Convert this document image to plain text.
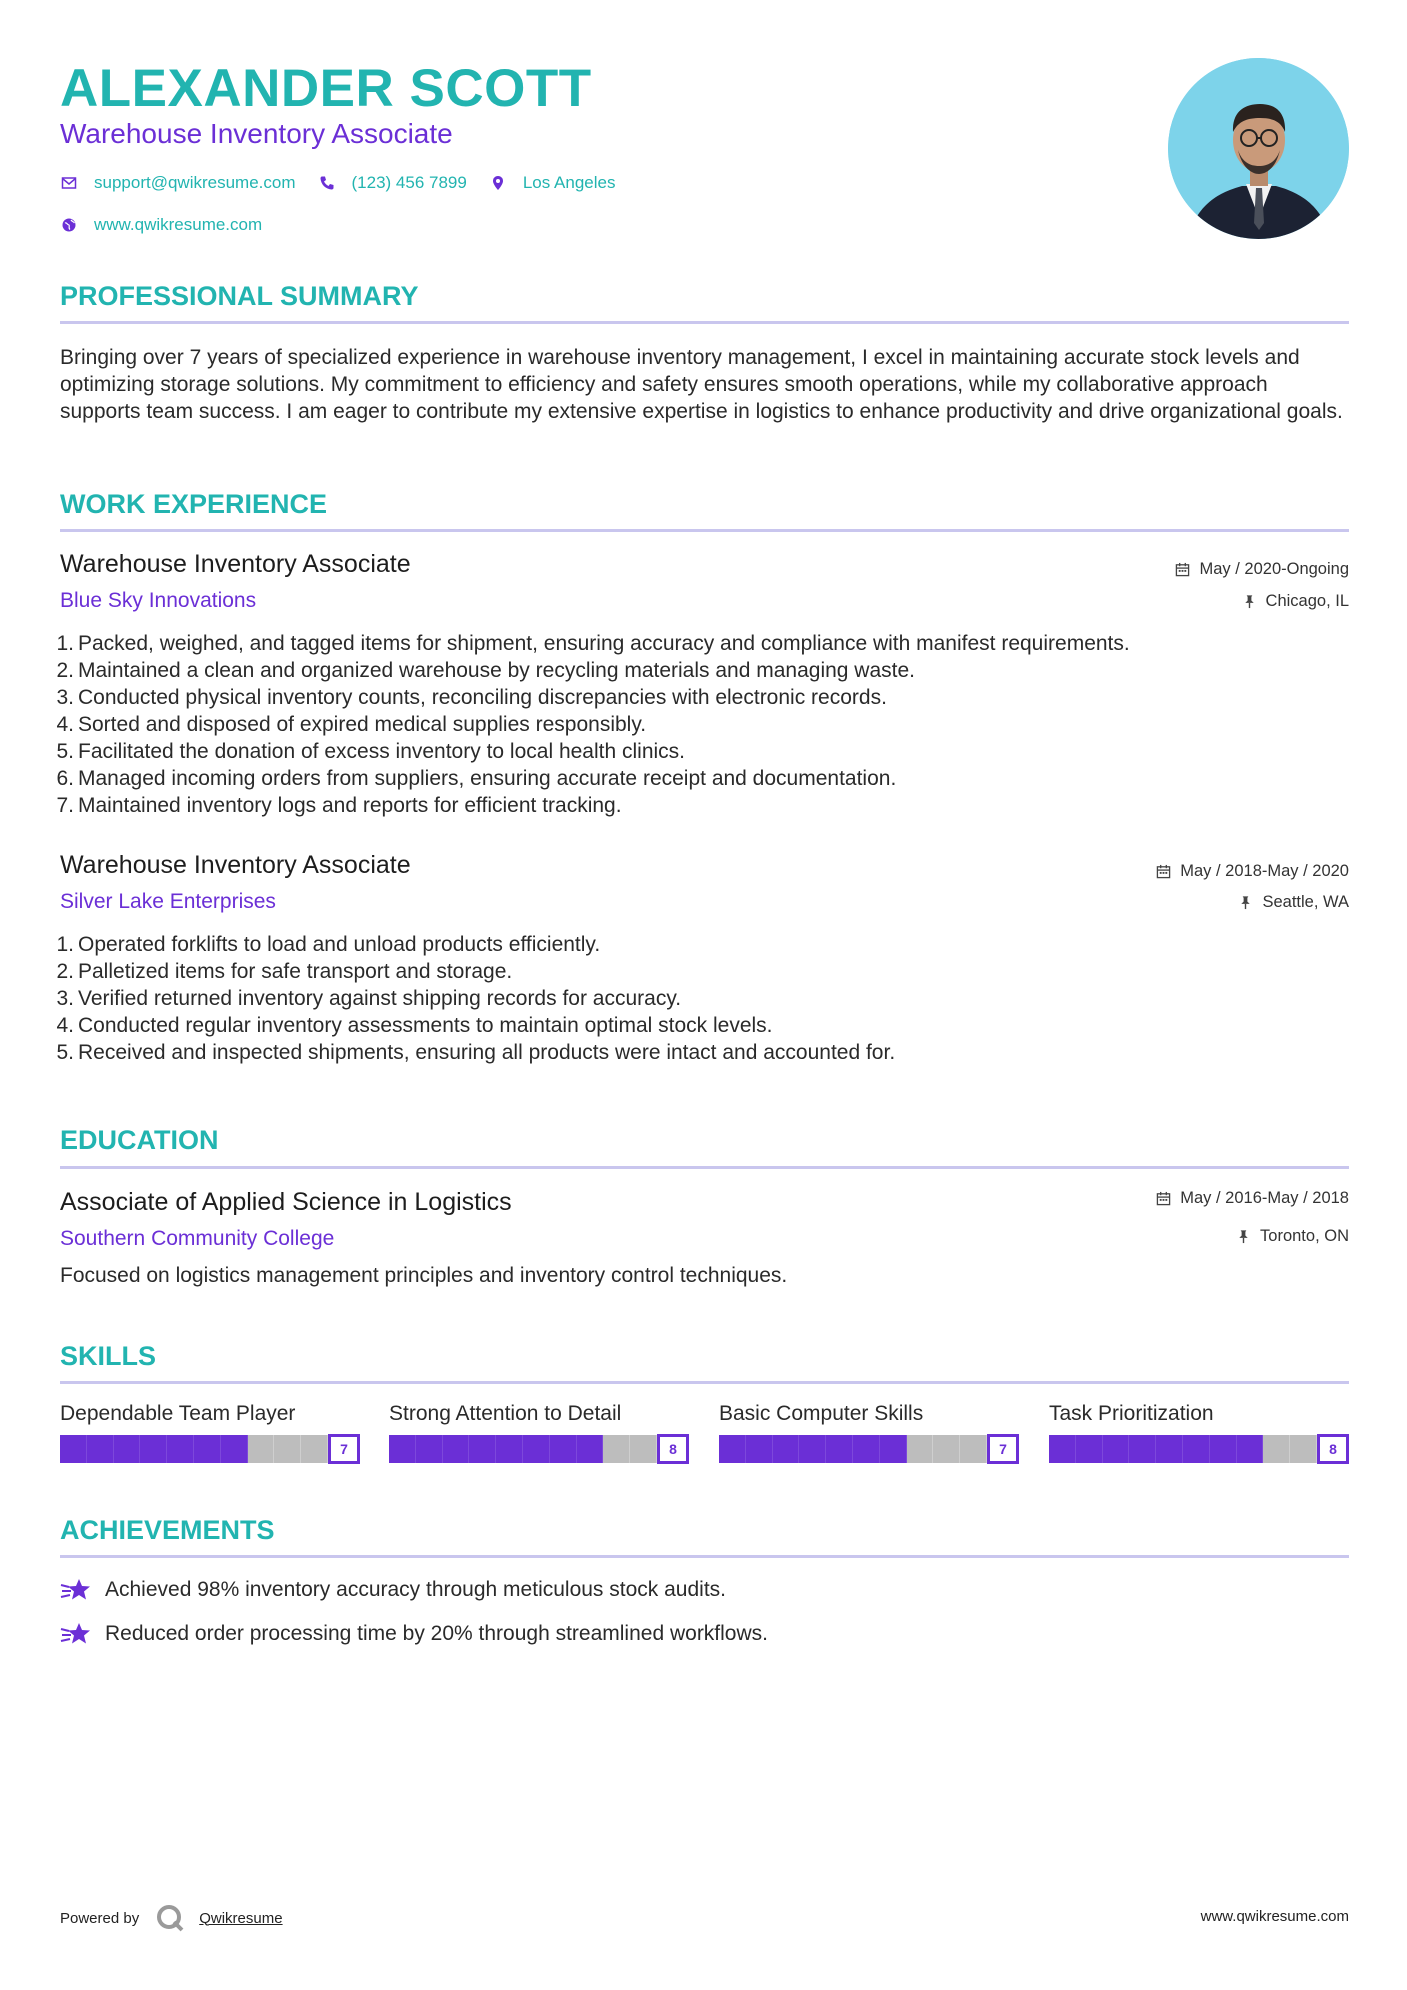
ALEXANDER SCOTT
Warehouse Inventory Associate
support@qwikresume.com	(123) 456 7899	Los Angeles
www.qwikresume.com
PROFESSIONAL SUMMARY
Bringing over 7 years of specialized experience in warehouse inventory management, I excel in maintaining accurate stock levels and optimizing storage solutions. My commitment to efficiency and safety ensures smooth operations, while my collaborative approach supports team success. I am eager to contribute my extensive expertise in logistics to enhance productivity and drive organizational goals.
WORK EXPERIENCE
Warehouse Inventory Associate
Blue Sky Innovations
May / 2020-Ongoing
Chicago, IL
1. Packed, weighed, and tagged items for shipment, ensuring accuracy and compliance with manifest requirements.
2. Maintained a clean and organized warehouse by recycling materials and managing waste.
3. Conducted physical inventory counts, reconciling discrepancies with electronic records.
4. Sorted and disposed of expired medical supplies responsibly.
5. Facilitated the donation of excess inventory to local health clinics.
6. Managed incoming orders from suppliers, ensuring accurate receipt and documentation.
7. Maintained inventory logs and reports for efficient tracking.
Warehouse Inventory Associate
Silver Lake Enterprises
May / 2018-May / 2020
Seattle, WA
1. Operated forklifts to load and unload products efficiently.
2. Palletized items for safe transport and storage.
3. Verified returned inventory against shipping records for accuracy.
4. Conducted regular inventory assessments to maintain optimal stock levels.
5. Received and inspected shipments, ensuring all products were intact and accounted for.
EDUCATION
Associate of Applied Science in Logistics
Southern Community College
May / 2016-May / 2018
Toronto, ON
Focused on logistics management principles and inventory control techniques.
SKILLS
Dependable Team Player
7
Strong Attention to Detail
8
Basic Computer Skills
7
Task Prioritization
8
ACHIEVEMENTS
Achieved 98% inventory accuracy through meticulous stock audits.
Reduced order processing time by 20% through streamlined workflows.
Powered by	Qwikresume	www.qwikresume.com
